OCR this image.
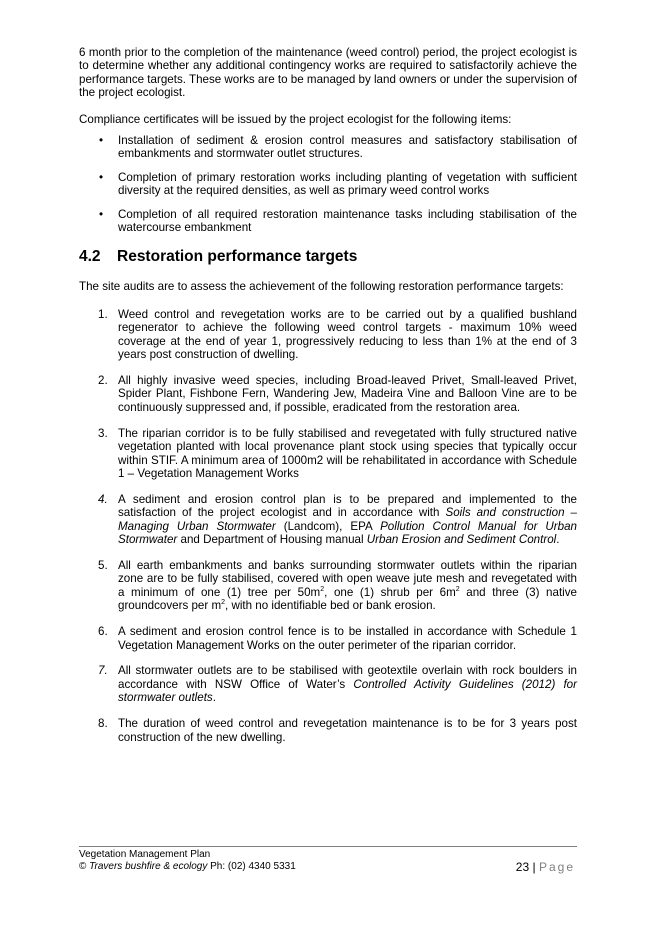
6 month prior to the completion of the maintenance (weed control) period, the project ecologist is to determine whether any additional contingency works are required to satisfactorily achieve the performance targets. These works are to be managed by land owners or under the supervision of the project ecologist.

Compliance certificates will be issued by the project ecologist for the following items:

• Installation of sediment & erosion control measures and satisfactory stabilisation of embankments and stormwater outlet structures.
• Completion of primary restoration works including planting of vegetation with sufficient diversity at the required densities, as well as primary weed control works
• Completion of all required restoration maintenance tasks including stabilisation of the watercourse embankment
4.2 Restoration performance targets

The site audits are to assess the achievement of the following restoration performance targets:

1. Weed control and revegetation works are to be carried out by a qualified bushland regenerator to achieve the following weed control targets - maximum 10% weed coverage at the end of year 1, progressively reducing to less than 1% at the end of 3 years post construction of dwelling.
2. All highly invasive weed species, including Broad-leaved Privet, Small-leaved Privet, Spider Plant, Fishbone Fern, Wandering Jew, Madeira Vine and Balloon Vine are to be continuously suppressed and, if possible, eradicated from the restoration area.
3. The riparian corridor is to be fully stabilised and revegetated with fully structured native vegetation planted with local provenance plant stock using species that typically occur within STIF. A minimum area of 1000m2 will be rehabilitated in accordance with Schedule 1 – Vegetation Management Works
4. A sediment and erosion control plan is to be prepared and implemented to the satisfaction of the project ecologist and in accordance with Soils and construction – Managing Urban Stormwater (Landcom), EPA Pollution Control Manual for Urban Stormwater and Department of Housing manual Urban Erosion and Sediment Control.
5. All earth embankments and banks surrounding stormwater outlets within the riparian zone are to be fully stabilised, covered with open weave jute mesh and revegetated with a minimum of one (1) tree per $50m^2$, one (1) shrub per $6m^2$ and three (3) native groundcovers per $m^2$, with no identifiable bed or bank erosion.
6. A sediment and erosion control fence is to be installed in accordance with Schedule 1 Vegetation Management Works on the outer perimeter of the riparian corridor.
7. All stormwater outlets are to be stabilised with geotextile overlain with rock boulders in accordance with NSW Office of Water’s Controlled Activity Guidelines (2012) for stormwater outlets.
8. The duration of weed control and revegetation maintenance is to be for 3 years post construction of the new dwelling.
Vegetation Management Plan
© Travers bushfire & ecology Ph: (02) 4340 5331	23 | Page
